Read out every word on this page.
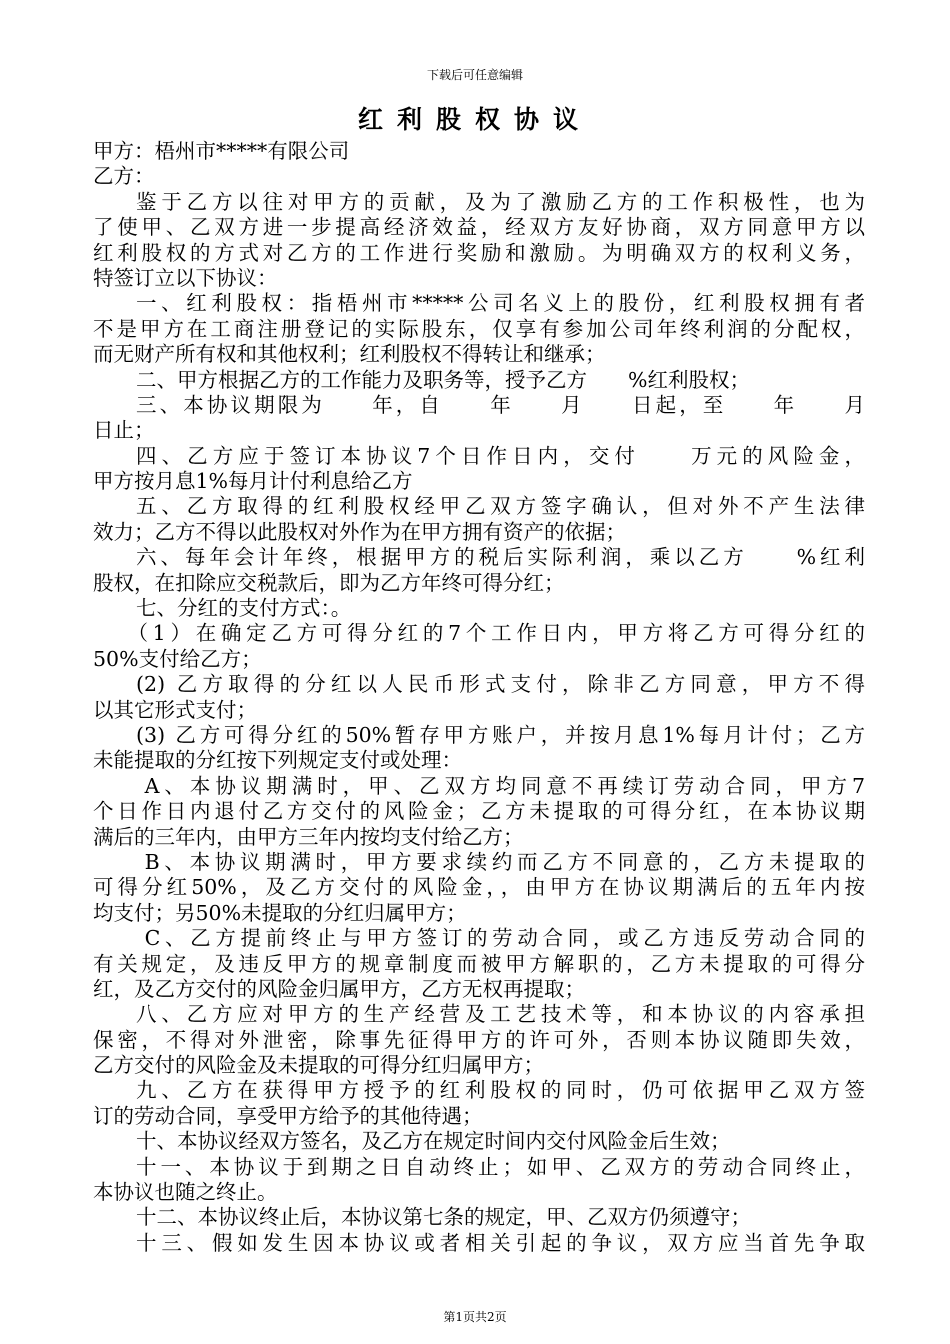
下载后可任意编辑
红利股权协议
甲方：梧州市*****有限公司
乙方：
鉴于乙方以往对甲方的贡献，及为了激励乙方的工作积极性，也为
了使甲、乙双方进一步提高经济效益，经双方友好协商，双方同意甲方以
红利股权的方式对乙方的工作进行奖励和激励。为明确双方的权利义务，
特签订立以下协议：
一、红利股权：指梧州市*****公司名义上的股份，红利股权拥有者
不是甲方在工商注册登记的实际股东，仅享有参加公司年终利润的分配权，
而无财产所有权和其他权利；红利股权不得转让和继承；
二、甲方根据乙方的工作能力及职务等，授予乙方　　%红利股权；
三、本协议期限为　　年，自　　年　　月　　日起，至　　年　　月
日止；
四、乙方应于签订本协议7个日作日内，交付　　万元的风险金，
甲方按月息1%每月计付利息给乙方
五、乙方取得的红利股权经甲乙双方签字确认，但对外不产生法律
效力；乙方不得以此股权对外作为在甲方拥有资产的依据；
六、每年会计年终，根据甲方的税后实际利润，乘以乙方　　%红利
股权，在扣除应交税款后，即为乙方年终可得分红；
七、分红的支付方式：。
（1）在确定乙方可得分红的7个工作日内，甲方将乙方可得分红的
50%支付给乙方；
(2) 乙方取得的分红以人民币形式支付，除非乙方同意，甲方不得
以其它形式支付；
(3) 乙方可得分红的50%暂存甲方账户，并按月息1%每月计付；乙方
未能提取的分红按下列规定支付或处理：
A、本协议期满时，甲、乙双方均同意不再续订劳动合同，甲方7
个日作日内退付乙方交付的风险金；乙方未提取的可得分红，在本协议期
满后的三年内，由甲方三年内按均支付给乙方；
B、本协议期满时，甲方要求续约而乙方不同意的，乙方未提取的
可得分红50%，及乙方交付的风险金，，由甲方在协议期满后的五年内按
均支付；另50%未提取的分红归属甲方；
C、乙方提前终止与甲方签订的劳动合同，或乙方违反劳动合同的
有关规定，及违反甲方的规章制度而被甲方解职的，乙方未提取的可得分
红，及乙方交付的风险金归属甲方，乙方无权再提取；
八、乙方应对甲方的生产经营及工艺技术等，和本协议的内容承担
保密，不得对外泄密，除事先征得甲方的许可外，否则本协议随即失效，
乙方交付的风险金及未提取的可得分红归属甲方；
九、乙方在获得甲方授予的红利股权的同时，仍可依据甲乙双方签
订的劳动合同，享受甲方给予的其他待遇；
十、本协议经双方签名，及乙方在规定时间内交付风险金后生效；
十一、本协议于到期之日自动终止；如甲、乙双方的劳动合同终止，
本协议也随之终止。
十二、本协议终止后，本协议第七条的规定，甲、乙双方仍须遵守；
十三、假如发生因本协议或者相关引起的争议，双方应当首先争取
第1页共2页
